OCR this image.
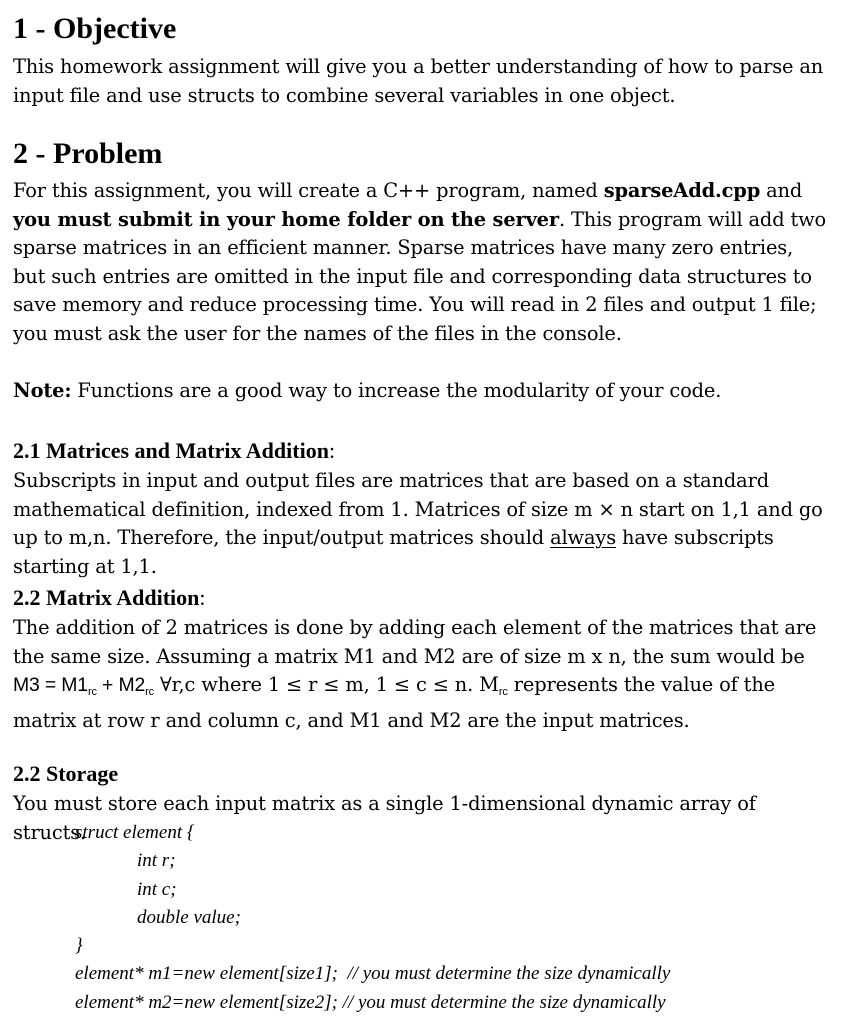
1 - Objective
This homework assignment will give you a better understanding of how to parse an input file and use structs to combine several variables in one object.
2 - Problem
For this assignment, you will create a C++ program, named sparseAdd.cpp and you must submit in your home folder on the server. This program will add two sparse matrices in an efficient manner. Sparse matrices have many zero entries, but such entries are omitted in the input file and corresponding data structures to save memory and reduce processing time. You will read in 2 files and output 1 file; you must ask the user for the names of the files in the console.
Note: Functions are a good way to increase the modularity of your code.
2.1 Matrices and Matrix Addition:
Subscripts in input and output files are matrices that are based on a standard mathematical definition, indexed from 1. Matrices of size m × n start on 1,1 and go up to m,n. Therefore, the input/output matrices should always have subscripts starting at 1,1.
2.2 Matrix Addition:
The addition of 2 matrices is done by adding each element of the matrices that are the same size. Assuming a matrix M1 and M2 are of size m x n, the sum would be
$M3 = M1_{rc} + M2_{rc}$ ∀r,c where 1 ≤ r ≤ m, 1 ≤ c ≤ n. $M_{rc}$ represents the value of the matrix at row r and column c, and M1 and M2 are the input matrices.
2.2 Storage
You must store each input matrix as a single 1-dimensional dynamic array of structs.
struct element {
int r;
int c;
double value;
}
element* m1=new element[size1];  // you must determine the size dynamically
element* m2=new element[size2]; // you must determine the size dynamically
